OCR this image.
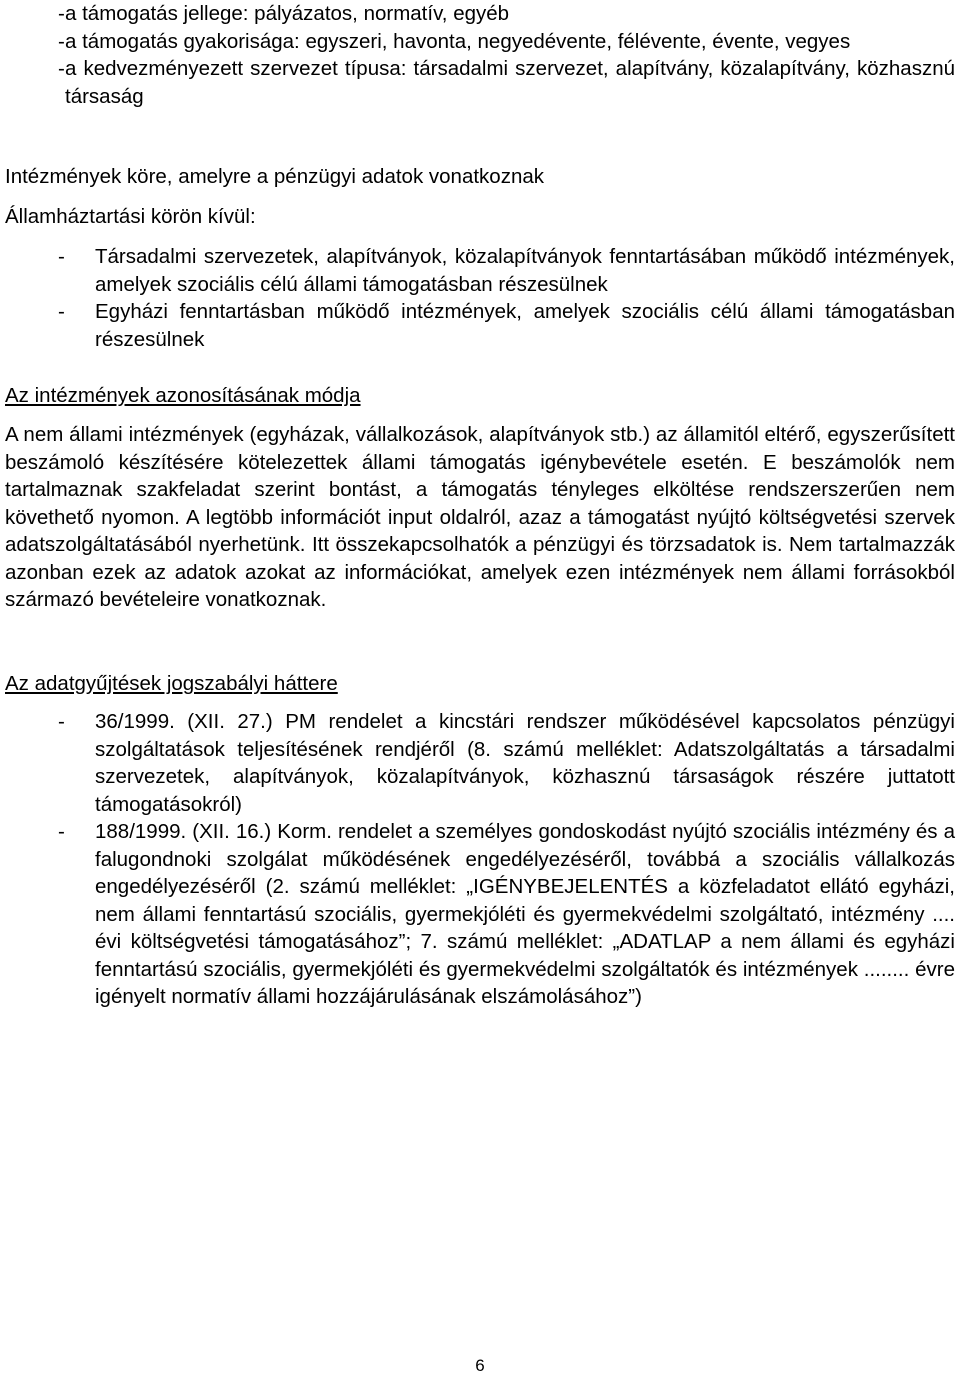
- a támogatás jellege: pályázatos, normatív, egyéb
- a támogatás gyakorisága: egyszeri, havonta, negyedévente, félévente, évente, vegyes
- a kedvezményezett szervezet típusa: társadalmi szervezet, alapítvány, közalapítvány, közhasznú társaság

Intézmények köre, amelyre a pénzügyi adatok vonatkoznak

Államháztartási körön kívül:

- Társadalmi szervezetek, alapítványok, közalapítványok fenntartásában működő intézmények, amelyek szociális célú állami támogatásban részesülnek
- Egyházi fenntartásban működő intézmények, amelyek szociális célú állami támogatásban részesülnek

Az intézmények azonosításának módja

A nem állami intézmények (egyházak, vállalkozások, alapítványok stb.) az államitól eltérő, egyszerűsített beszámoló készítésére kötelezettek állami támogatás igénybevétele esetén. E beszámolók nem tartalmaznak szakfeladat szerint bontást, a támogatás tényleges elköltése rendszerszerűen nem követhető nyomon. A legtöbb információt input oldalról, azaz a támogatást nyújtó költségvetési szervek adatszolgáltatásából nyerhetünk. Itt összekapcsolhatók a pénzügyi és törzsadatok is. Nem tartalmazzák azonban ezek az adatok azokat az információkat, amelyek ezen intézmények nem állami forrásokból származó bevételeire vonatkoznak.

Az adatgyűjtések jogszabályi háttere

- 36/1999. (XII. 27.) PM rendelet a kincstári rendszer működésével kapcsolatos pénzügyi szolgáltatások teljesítésének rendjéről (8. számú melléklet: Adatszolgáltatás a társadalmi szervezetek, alapítványok, közalapítványok, közhasznú társaságok részére juttatott támogatásokról)
- 188/1999. (XII. 16.) Korm. rendelet a személyes gondoskodást nyújtó szociális intézmény és a falugondnoki szolgálat működésének engedélyezéséről, továbbá a szociális vállalkozás engedélyezéséről (2. számú melléklet: „IGÉNYBEJELENTÉS a közfeladatot ellátó egyházi, nem állami fenntartású szociális, gyermekjóléti és gyermekvédelmi szolgáltató, intézmény .... évi költségvetési támogatásához”; 7. számú melléklet: „ADATLAP a nem állami és egyházi fenntartású szociális, gyermekjóléti és gyermekvédelmi szolgáltatók és intézmények ........ évre igényelt normatív állami hozzájárulásának elszámolásához”)
6
